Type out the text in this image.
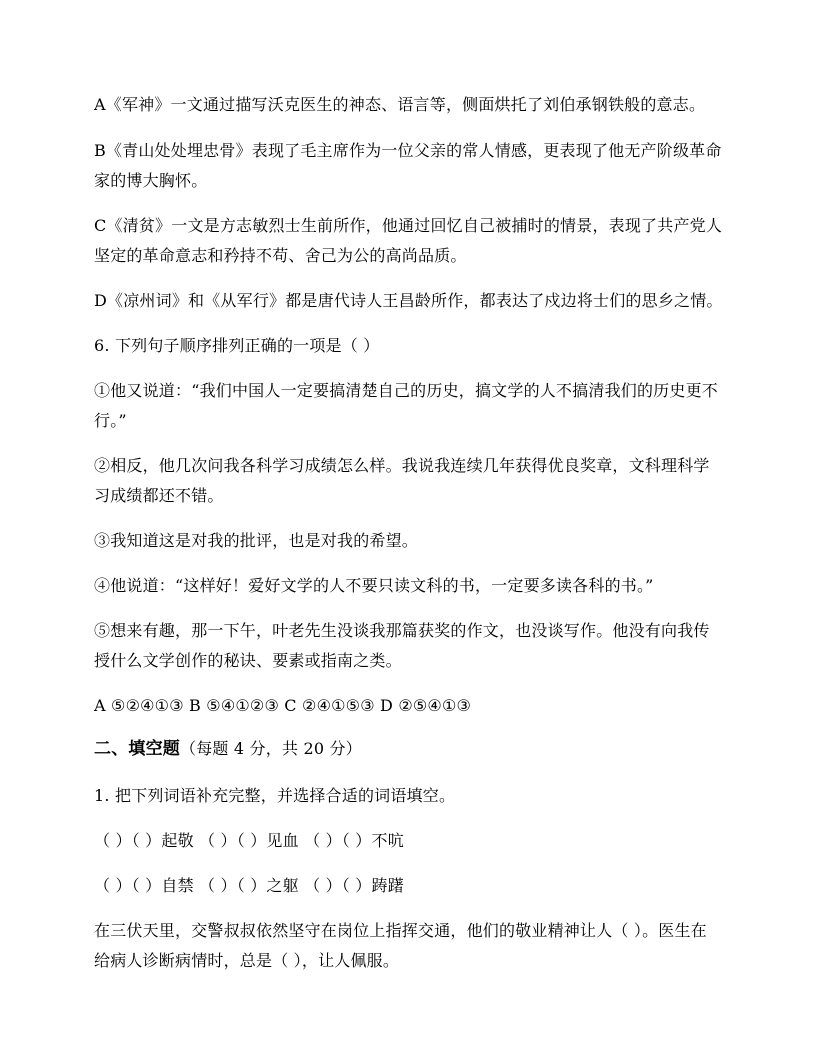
A《军神》一文通过描写沃克医生的神态、语言等，侧面烘托了刘伯承钢铁般的意志。
B《青山处处埋忠骨》表现了毛主席作为一位父亲的常人情感，更表现了他无产阶级革命
家的博大胸怀。
C《清贫》一文是方志敏烈士生前所作，他通过回忆自己被捕时的情景，表现了共产党人
坚定的革命意志和矜持不苟、舍己为公的高尚品质。
D《凉州词》和《从军行》都是唐代诗人王昌龄所作，都表达了戍边将士们的思乡之情。
6. 下列句子顺序排列正确的一项是（ ）
①他又说道：“我们中国人一定要搞清楚自己的历史，搞文学的人不搞清我们的历史更不
行。”
②相反，他几次问我各科学习成绩怎么样。我说我连续几年获得优良奖章，文科理科学
习成绩都还不错。
③我知道这是对我的批评，也是对我的希望。
④他说道：“这样好！爱好文学的人不要只读文科的书，一定要多读各科的书。”
⑤想来有趣，那一下午，叶老先生没谈我那篇获奖的作文，也没谈写作。他没有向我传
授什么文学创作的秘诀、要素或指南之类。
A ⑤②④①③ B ⑤④①②③ C ②④①⑤③ D ②⑤④①③
二、填空题（每题 4 分，共 20 分）
1. 把下列词语补充完整，并选择合适的词语填空。
（ ）（ ）起敬 （ ）（ ）见血 （ ）（ ）不吭
（ ）（ ）自禁 （ ）（ ）之躯 （ ）（ ）踌躇
在三伏天里，交警叔叔依然坚守在岗位上指挥交通，他们的敬业精神让人（ ）。医生在
给病人诊断病情时，总是（ ），让人佩服。
